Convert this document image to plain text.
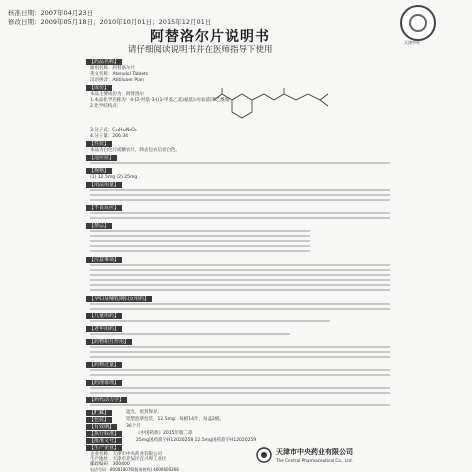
核准日期：2007年04月23日
修改日期：2009年05月18日；2010年10月01日；2015年12月01日
天津中央
阿替洛尔片说明书
请仔细阅读说明书并在医师指导下使用
【药品名称】
通用名称：阿替洛尔片
英文名称：Atenolol Tablets
汉语拼音：Atitiluoer Pian
【成份】
本品主要成份为：阿替洛尔
1.本品化学名称为：4-[2-羟基-3-[(1-甲基乙基)氨基]-丙氧基]苯乙酰胺
2.化学结构式：
3.分子式：C₁₄H₂₂N₂O₃
4.分子量：266.34
【性状】
本品为白色片或糖衣片，除去包衣后显白色。
【适应症】
【规格】
(1) 12.5mg (2) 25mg
【用法用量】
【不良反应】
【禁忌】
【注意事项】
【孕妇及哺乳期妇女用药】
【儿童用药】
【老年用药】
【药物相互作用】
【药物过量】
【药理毒理】
【药代动力学】
【贮藏】	遮光，密封保存。
【包装】	铝塑泡罩包装，12.5mg：每板14片，每盒2板。
【有效期】	36个月
【执行标准】	《中国药典》2015年版二部
【批准文号】	25mg国药准字H12020258 12.5mg国药准字H12020259
【生产企业】
企业名称：天津市中央药业有限公司
生产地址：天津市北辰区宜兴埠工业区
邮政编码：300400
电话号码：800818076(服务热线) 4006600268
天津市中央药业有限公司
The Central Pharmaceutical Co., Ltd.
